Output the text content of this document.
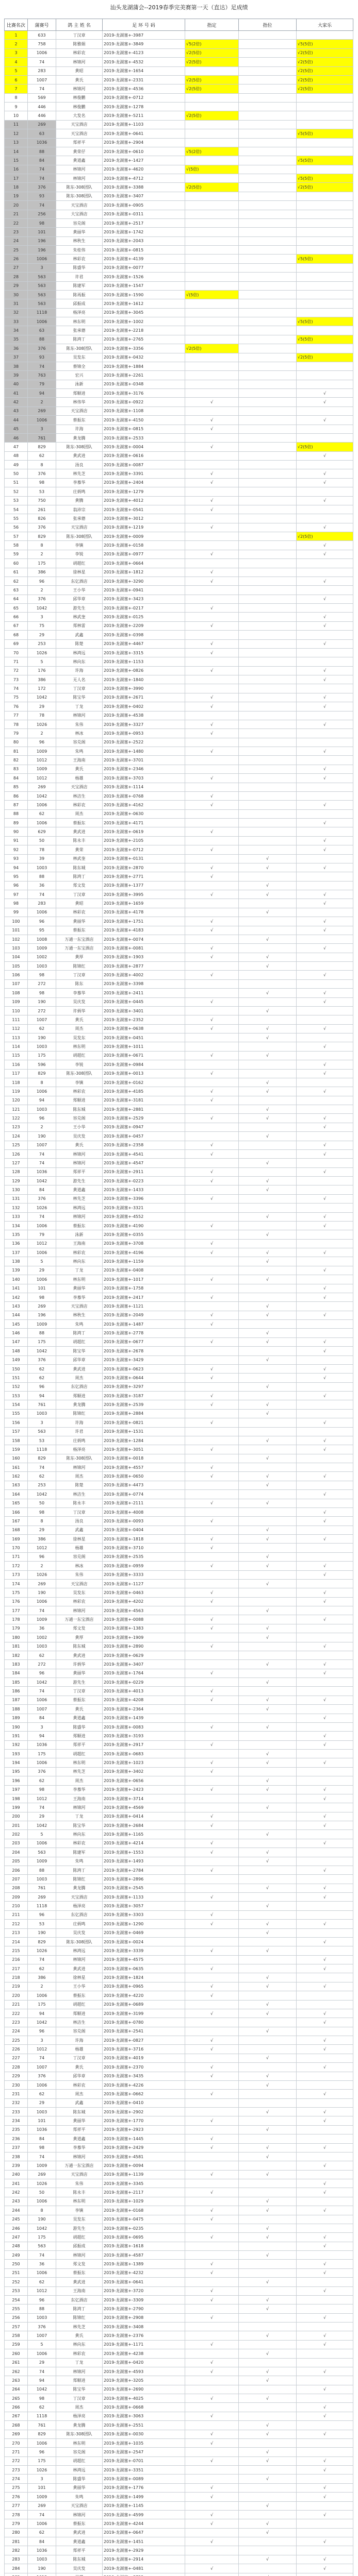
汕头龙湖蒲会--2019春季完美赛第一天（直达）足成绩
比赛名次	蒲赛号	鸽 主 姓 名	足 环 号 码	指定	指位	大家乐
1	633	丁汉章	2019-龙湖塞+-3987			
2	758	陈雅娟	2019-龙湖塞+-3849	√5(2倍)		√5(5倍)
3	1006	林彩农	2019-龙湖塞+-4123	√2(5倍)		√2(5倍)
4	74	林锦河	2019-龙湖塞+-4532	√2(5倍)		√2(5倍)
5	283	黄昭	2019-龙湖塞+-1654			√2(5倍)
6	1007	黄氏	2019-龙湖塞+-2331	√2(5倍)		√2(5倍)
7	74	林锦河	2019-龙湖塞+-4536	√2(5倍)		√2(5倍)
8	569	林俊鹏	2019-龙湖塞+-0712			
9	446	林俊鹏	2019-龙湖塞+-1278			
10	446	大发名	2019-龙湖塞+-5211	√2(5倍)		
11	269	天宝酒店	2019-龙湖塞+-1103			
12	63	天宝酒店	2019-龙湖塞+-0641			√5(5倍)
13	1036	郑祥平	2019-龙湖塞+-2904			
14	88	黄荣仔	2019-龙湖塞+-0610	√5(2倍)		
15	84	黄道鑫	2019-龙湖塞+-1427			√5(5倍)
16	74	林锦河	2019-龙湖塞+-4620	√(5倍)		
17	74	林锦河	2019-龙湖塞+-4712			√5(5倍)
18	376	陈东-308团队	2019-龙湖塞+-3388	√2(5倍)		√2(5倍)
19	93	陈东-308团队	2019-龙湖塞+-3407			
20	74	天宝酒店	2019-龙湖塞+-0905			
21	256	大宝酒店	2019-龙湖塞+-0311			
22	98	容兑阁	2019-龙湖塞+-2517			
23	101	黄丽华	2019-龙湖塞+-1742			
24	196	林秋生	2019-龙湖塞+-2043			
25	196	朱桂伟	2019-龙湖塞+-0815			
26	1006	林彩农	2019-龙湖塞+-4139			√5(5倍)
27	3	陈盛华	2019-龙湖塞+-0077			
28	563	许君	2019-龙湖塞+-1526			
29	563	陈建军	2019-龙湖塞+-1547			
30	563	陈再振	2019-龙湖塞+-1590	√(5倍)		
31	563	邱振成	2019-龙湖塞+-1612			
32	1118	杨泽亮	2019-龙湖塞+-3045			
33	1006	林东明	2019-龙湖塞+-1002			√5(5倍)
34	63	张承德	2019-龙湖塞+-2218			
35	88	陈鸿丁	2019-龙湖塞+-2765			√5(5倍)
36	376	陈东-308团队	2019-龙湖塞+-3356	√2(5倍)		
37	93	吴发东	2019-龙湖塞+-0432			√2(5倍)
38	74	蔡锦全	2019-龙湖塞+-1884			
39	763	宏兴	2019-龙湖塞+-2261			
40	79	泳新	2019-龙湖塞+-0348			
41	94	郑顺进	2019-龙湖塞+-3176			√
42	2	林伟华	2019-龙湖塞+-0922	√		√
43	269	天宝酒店	2019-龙湖塞+-1108			
44	1006	蔡振东	2019-龙湖塞+-4150	√		√
45	3	许海	2019-龙湖塞+-0815	√		
46	761	黄龙腾	2019-龙湖塞+-2533			
47	829	陈东-308团队	2019-龙湖塞+-0004	√		√2(5倍)
48	62	黄武进	2019-龙湖塞+-0616			√
49	8	汤良	2019-龙湖塞+-0087			
50	376	林先芝	2019-龙湖塞+-3391	√		√
51	98	李慕华	2019-龙湖塞+-2404	√		√
52	53	庄炳鸣	2019-龙湖塞+-1279			
53	750	黄腾	2019-龙湖塞+-4012	√		√
54	261	翁沛宗	2019-龙湖塞+-0541	√		
55	826	张承德	2019-龙湖塞+-3012			
56	376	天宝酒店	2019-龙湖塞+-1219	√		√
57	829	陈东-308团队	2019-龙湖塞+-0009			√2(5倍)
58	8	李镇	2019-龙湖塞+-0158			√
59	2	李锐	2019-龙湖塞+-0977	√		√
60	175	胡超红	2019-龙湖塞+-0664			
61	386	徐林星	2019-龙湖塞+-1812	√		
62	96	东亿酒店	2019-龙湖塞+-3290	√		√
63	2	王小华	2019-龙湖塞+-0941			
64	376	邱华章	2019-龙湖塞+-3423			√
65	1042	游先生	2019-龙湖塞+-0217	√		
66	3	林武奎	2019-龙湖塞+-0125			√
67	75	郑林雷	2019-龙湖塞+-2209	√		√
68	29	武鑫	2019-龙湖塞+-0398			
69	253	陈楚	2019-龙湖塞+-4467	√		√
70	1026	林鸿远	2019-龙湖塞+-3315	√		
71	5	林向东	2019-龙湖塞+-1153			
72	176	许海	2019-龙湖塞+-0826	√		√
73	386	无人名	2019-龙湖塞+-1840			√
74	172	丁汉章	2019-龙湖塞+-3990			
75	1042	陈宝华	2019-龙湖塞+-2671	√		√
76	29	丁龙	2019-龙湖塞+-0402	√		√
77	78	林锦河	2019-龙湖塞+-4538			
78	1026	朱伟	2019-龙湖塞+-3327	√		√
79	2	林冰	2019-龙湖塞+-0953	√		
80	96	容兑阁	2019-龙湖塞+-2522			
81	1009	朱鸣	2019-龙湖塞+-1480	√		√
82	1012	王海南	2019-龙湖塞+-3701			
83	1009	黄氏	2019-龙湖塞+-2346			√
84	1012	杨雄	2019-龙湖塞+-3703	√		√
85	269	天宝酒店	2019-龙湖塞+-1114			
86	1042	林洁生	2019-龙湖塞+-0768	√		
87	1006	林彩农	2019-龙湖塞+-4162	√		√
88	62	周杰	2019-龙湖塞+-0630			
89	1006	蔡振东	2019-龙湖塞+-4171			√
90	629	黄武进	2019-龙湖塞+-0619	√		
91	50	陈永丰	2019-龙湖塞+-2105			√
92	78	黄荣	2019-龙湖塞+-0712	√		√
93	39	林武奎	2019-龙湖塞+-0131		√	
94	1003	陈东城	2019-龙湖塞+-2870	√	√	√
95	88	陈鸿丁	2019-龙湖塞+-2771	√		
96	36	郑文发	2019-龙湖塞+-1377		√	
97	74	丁汉章	2019-龙湖塞+-3995	√	√	√
98	283	黄昭	2019-龙湖塞+-1659			√
99	1006	林彩农	2019-龙湖塞+-4178		√	
100	96	黄丽华	2019-龙湖塞+-1751	√		√
101	95	蔡振东	2019-龙湖塞+-4183	√		√
102	1008	万通一东宝酒店	2019-龙湖塞+-0074		√	
103	1009	万通一东宝酒店	2019-龙湖塞+-0081	√		√
104	1002	黄厚	2019-龙湖塞+-1903	√	√	
105	1003	陈锦红	2019-龙湖塞+-2877		√	
106	98	丁汉章	2019-龙湖塞+-4002	√		√
107	272	陈东	2019-龙湖塞+-3398			
108	98	李慕华	2019-龙湖塞+-2411		√	√
109	190	吴庆发	2019-龙湖塞+-0445	√		√
110	272	许炳华	2019-龙湖塞+-3401		√	
111	1007	黄氏	2019-龙湖塞+-2352	√		
112	62	周杰	2019-龙湖塞+-0638	√	√	√
113	190	吴发东	2019-龙湖塞+-0451		√	
114	1003	林东明	2019-龙湖塞+-1011			√
115	175	胡超红	2019-龙湖塞+-0671	√	√	
116	596	李锐	2019-龙湖塞+-0984			√
117	829	陈东-308团队	2019-龙湖塞+-0013	√		√
118	8	李镇	2019-龙湖塞+-0162		√	
119	1006	林彩农	2019-龙湖塞+-4185	√	√	√
120	94	郑顺进	2019-龙湖塞+-3181	√		
121	1003	陈东城	2019-龙湖塞+-2881		√	
122	96	容兑阁	2019-龙湖塞+-2529	√	√	√
123	2	王小华	2019-龙湖塞+-0947			√
124	190	吴庆发	2019-龙湖塞+-0457		√	
125	1007	黄氏	2019-龙湖塞+-2358	√		√
126	74	林锦河	2019-龙湖塞+-4541	√		√
127	74	林锦河	2019-龙湖塞+-4547		√	
128	1036	郑祥平	2019-龙湖塞+-2911	√		√
129	1042	游先生	2019-龙湖塞+-0223	√	√	
130	84	黄道鑫	2019-龙湖塞+-1433		√	
131	376	林先芝	2019-龙湖塞+-3396	√		√
132	1026	林鸿远	2019-龙湖塞+-3321			
133	74	林锦河	2019-龙湖塞+-4552		√	√
134	1006	蔡振东	2019-龙湖塞+-4190	√		√
135	79	泳新	2019-龙湖塞+-0355		√	
136	1012	王海南	2019-龙湖塞+-3708	√		
137	1006	林彩农	2019-龙湖塞+-4196	√	√	√
138	5	林向东	2019-龙湖塞+-1159		√	
139	29	丁龙	2019-龙湖塞+-0408			√
140	1006	林东明	2019-龙湖塞+-1017	√	√	
141	101	黄丽华	2019-龙湖塞+-1758			√
142	98	李慕华	2019-龙湖塞+-2417	√		√
143	269	天宝酒店	2019-龙湖塞+-1121		√	
144	196	林秋生	2019-龙湖塞+-2049	√	√	√
145	1009	朱鸣	2019-龙湖塞+-1487	√		
146	88	陈鸿丁	2019-龙湖塞+-2778		√	
147	175	胡超红	2019-龙湖塞+-0677	√	√	√
148	1042	陈宝华	2019-龙湖塞+-2678			√
149	376	邱华章	2019-龙湖塞+-3429		√	
150	62	黄武进	2019-龙湖塞+-0623	√		√
151	62	周杰	2019-龙湖塞+-0644	√		√
152	96	东亿酒店	2019-龙湖塞+-3297		√	
153	94	郑顺进	2019-龙湖塞+-3187	√		√
154	761	黄龙腾	2019-龙湖塞+-2539	√	√	
155	1003	陈锦红	2019-龙湖塞+-2884		√	
156	3	许海	2019-龙湖塞+-0821	√		√
157	563	许君	2019-龙湖塞+-1531			
158	53	庄炳鸣	2019-龙湖塞+-1284		√	√
159	1118	杨泽亮	2019-龙湖塞+-3051	√		√
160	829	陈东-308团队	2019-龙湖塞+-0018		√	
161	74	林锦河	2019-龙湖塞+-4557	√		
162	62	周杰	2019-龙湖塞+-0650	√	√	√
163	253	陈楚	2019-龙湖塞+-4473		√	
164	1042	林洁生	2019-龙湖塞+-0774			√
165	50	陈永丰	2019-龙湖塞+-2111	√	√	
166	98	丁汉章	2019-龙湖塞+-4008			√
167	8	汤良	2019-龙湖塞+-0093	√		√
168	29	武鑫	2019-龙湖塞+-0404		√	
169	386	徐林星	2019-龙湖塞+-1818	√	√	√
170	1012	杨雄	2019-龙湖塞+-3710	√		
171	96	容兑阁	2019-龙湖塞+-2535		√	
172	2	林冰	2019-龙湖塞+-0959	√	√	√
173	1026	朱伟	2019-龙湖塞+-3333			√
174	269	天宝酒店	2019-龙湖塞+-1127		√	
175	190	吴发东	2019-龙湖塞+-0463	√		√
176	1006	林彩农	2019-龙湖塞+-4202	√		√
177	74	林锦河	2019-龙湖塞+-4563		√	
178	1009	万通一东宝酒店	2019-龙湖塞+-0088	√		√
179	36	郑文发	2019-龙湖塞+-1383	√	√	
180	1002	黄厚	2019-龙湖塞+-1909		√	
181	1003	陈东城	2019-龙湖塞+-2890	√		√
182	62	黄武进	2019-龙湖塞+-0629			
183	272	许炳华	2019-龙湖塞+-3407		√	√
184	96	黄丽华	2019-龙湖塞+-1764	√		√
185	1042	游先生	2019-龙湖塞+-0229		√	
186	74	丁汉章	2019-龙湖塞+-4013	√		
187	1006	蔡振东	2019-龙湖塞+-4208	√	√	√
188	1007	黄氏	2019-龙湖塞+-2364		√	
189	84	黄道鑫	2019-龙湖塞+-1439			√
190	3	陈盛华	2019-龙湖塞+-0083	√	√	
191	94	郑顺进	2019-龙湖塞+-3193			√
192	1036	郑祥平	2019-龙湖塞+-2917	√		√
193	175	胡超红	2019-龙湖塞+-0683		√	
194	1006	林东明	2019-龙湖塞+-1023	√	√	√
195	376	林先芝	2019-龙湖塞+-3402	√		
196	62	周杰	2019-龙湖塞+-0656		√	
197	98	李慕华	2019-龙湖塞+-2423	√	√	√
198	1012	王海南	2019-龙湖塞+-3714			√
199	74	林锦河	2019-龙湖塞+-4569		√	
200	29	丁龙	2019-龙湖塞+-0414	√		√
201	1042	陈宝华	2019-龙湖塞+-2684	√		√
202	5	林向东	2019-龙湖塞+-1165		√	
203	1006	林彩农	2019-龙湖塞+-4214	√		√
204	563	陈建军	2019-龙湖塞+-1553	√	√	
205	1009	朱鸣	2019-龙湖塞+-1493		√	
206	88	陈鸿丁	2019-龙湖塞+-2784	√		√
207	1003	陈锦红	2019-龙湖塞+-2896			
208	761	黄龙腾	2019-龙湖塞+-2545		√	√
209	269	天宝酒店	2019-龙湖塞+-1133	√		√
210	1118	杨泽亮	2019-龙湖塞+-3057		√	
211	96	东亿酒店	2019-龙湖塞+-3303	√		
212	53	庄炳鸣	2019-龙湖塞+-1290	√	√	√
213	190	吴庆发	2019-龙湖塞+-0469		√	
214	829	陈东-308团队	2019-龙湖塞+-0024			√
215	1026	林鸿远	2019-龙湖塞+-3339	√	√	
216	74	林锦河	2019-龙湖塞+-4575			√
217	62	黄武进	2019-龙湖塞+-0635	√		√
218	386	徐林星	2019-龙湖塞+-1824		√	
219	2	王小华	2019-龙湖塞+-0965	√	√	√
220	1006	蔡振东	2019-龙湖塞+-4220	√		
221	175	胡超红	2019-龙湖塞+-0689		√	
222	94	郑顺进	2019-龙湖塞+-3199	√	√	√
223	1042	林洁生	2019-龙湖塞+-0780			√
224	96	容兑阁	2019-龙湖塞+-2541		√	
225	3	许海	2019-龙湖塞+-0827	√		√
226	1012	杨雄	2019-龙湖塞+-3716	√		√
227	74	丁汉章	2019-龙湖塞+-4019		√	
228	1007	黄氏	2019-龙湖塞+-2370	√		√
229	376	邱华章	2019-龙湖塞+-3435	√	√	
230	1006	林彩农	2019-龙湖塞+-4226		√	
231	62	周杰	2019-龙湖塞+-0662	√		√
232	29	武鑫	2019-龙湖塞+-0410			
233	1003	陈东城	2019-龙湖塞+-2902		√	√
234	101	黄丽华	2019-龙湖塞+-1770	√		√
235	1036	郑祥平	2019-龙湖塞+-2923		√	
236	84	黄道鑫	2019-龙湖塞+-1445	√		
237	98	李慕华	2019-龙湖塞+-2429	√	√	√
238	74	林锦河	2019-龙湖塞+-4581		√	
239	1009	万通一东宝酒店	2019-龙湖塞+-0094			√
240	269	天宝酒店	2019-龙湖塞+-1139	√	√	
241	1026	朱伟	2019-龙湖塞+-3345			√
242	50	陈永丰	2019-龙湖塞+-2117	√		√
243	1006	林东明	2019-龙湖塞+-1029		√	
244	8	李镇	2019-龙湖塞+-0168	√	√	√
245	190	吴发东	2019-龙湖塞+-0475	√		
246	1042	游先生	2019-龙湖塞+-0235		√	
247	175	胡超红	2019-龙湖塞+-0695	√	√	√
248	563	邱振成	2019-龙湖塞+-1618			√
249	74	林锦河	2019-龙湖塞+-4587		√	
250	36	郑文发	2019-龙湖塞+-1389	√		√
251	1006	蔡振东	2019-龙湖塞+-4232	√		√
252	62	黄武进	2019-龙湖塞+-0641		√	
253	1012	王海南	2019-龙湖塞+-3720	√		√
254	96	东亿酒店	2019-龙湖塞+-3309	√	√	
255	88	陈鸿丁	2019-龙湖塞+-2790		√	
256	1003	陈锦红	2019-龙湖塞+-2908	√		√
257	376	林先芝	2019-龙湖塞+-3408			
258	1007	黄氏	2019-龙湖塞+-2376		√	√
259	5	林向东	2019-龙湖塞+-1171	√		√
260	1006	林彩农	2019-龙湖塞+-4238		√	
261	29	丁龙	2019-龙湖塞+-0420	√		
262	74	林锦河	2019-龙湖塞+-4593	√	√	√
263	94	郑顺进	2019-龙湖塞+-3205		√	
264	1042	陈宝华	2019-龙湖塞+-2690			√
265	98	丁汉章	2019-龙湖塞+-4025	√	√	
266	62	周杰	2019-龙湖塞+-0668			√
267	1118	杨泽亮	2019-龙湖塞+-3063	√		√
268	761	黄龙腾	2019-龙湖塞+-2551		√	
269	829	陈东-308团队	2019-龙湖塞+-0030	√	√	√
270	1006	林东明	2019-龙湖塞+-1035	√		
271	96	容兑阁	2019-龙湖塞+-2547		√	
272	175	胡超红	2019-龙湖塞+-0701	√	√	√
273	1026	林鸿远	2019-龙湖塞+-3351			√
274	3	陈盛华	2019-龙湖塞+-0089		√	
275	101	黄丽华	2019-龙湖塞+-1776	√		√
276	1009	朱鸣	2019-龙湖塞+-1499	√		√
277	269	天宝酒店	2019-龙湖塞+-1145		√	
278	74	林锦河	2019-龙湖塞+-4599	√		√
279	1006	蔡振东	2019-龙湖塞+-4244	√	√	
280	62	黄武进	2019-龙湖塞+-0647		√	
281	84	黄道鑫	2019-龙湖塞+-1451	√		√
282	1036	郑祥平	2019-龙湖塞+-2929			
283	1003	陈东城	2019-龙湖塞+-2914		√	√
284	190	吴庆发	2019-龙湖塞+-0481	√		√
